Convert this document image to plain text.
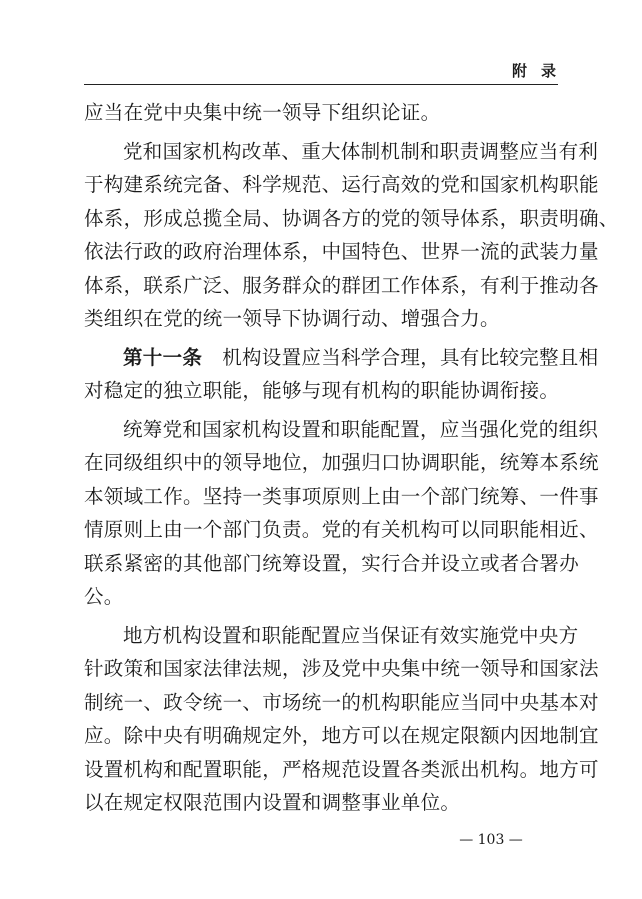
附录
应当在党中央集中统一领导下组织论证。
党和国家机构改革、重大体制机制和职责调整应当有利
于构建系统完备、科学规范、运行高效的党和国家机构职能
体系，形成总揽全局、协调各方的党的领导体系，职责明确、
依法行政的政府治理体系，中国特色、世界一流的武装力量
体系，联系广泛、服务群众的群团工作体系，有利于推动各
类组织在党的统一领导下协调行动、增强合力。
第十一条 机构设置应当科学合理，具有比较完整且相
对稳定的独立职能，能够与现有机构的职能协调衔接。
统筹党和国家机构设置和职能配置，应当强化党的组织
在同级组织中的领导地位，加强归口协调职能，统筹本系统
本领域工作。坚持一类事项原则上由一个部门统筹、一件事
情原则上由一个部门负责。党的有关机构可以同职能相近、
联系紧密的其他部门统筹设置，实行合并设立或者合署办
公。
地方机构设置和职能配置应当保证有效实施党中央方
针政策和国家法律法规，涉及党中央集中统一领导和国家法
制统一、政令统一、市场统一的机构职能应当同中央基本对
应。除中央有明确规定外，地方可以在规定限额内因地制宜
设置机构和配置职能，严格规范设置各类派出机构。地方可
以在规定权限范围内设置和调整事业单位。
— 103 —
